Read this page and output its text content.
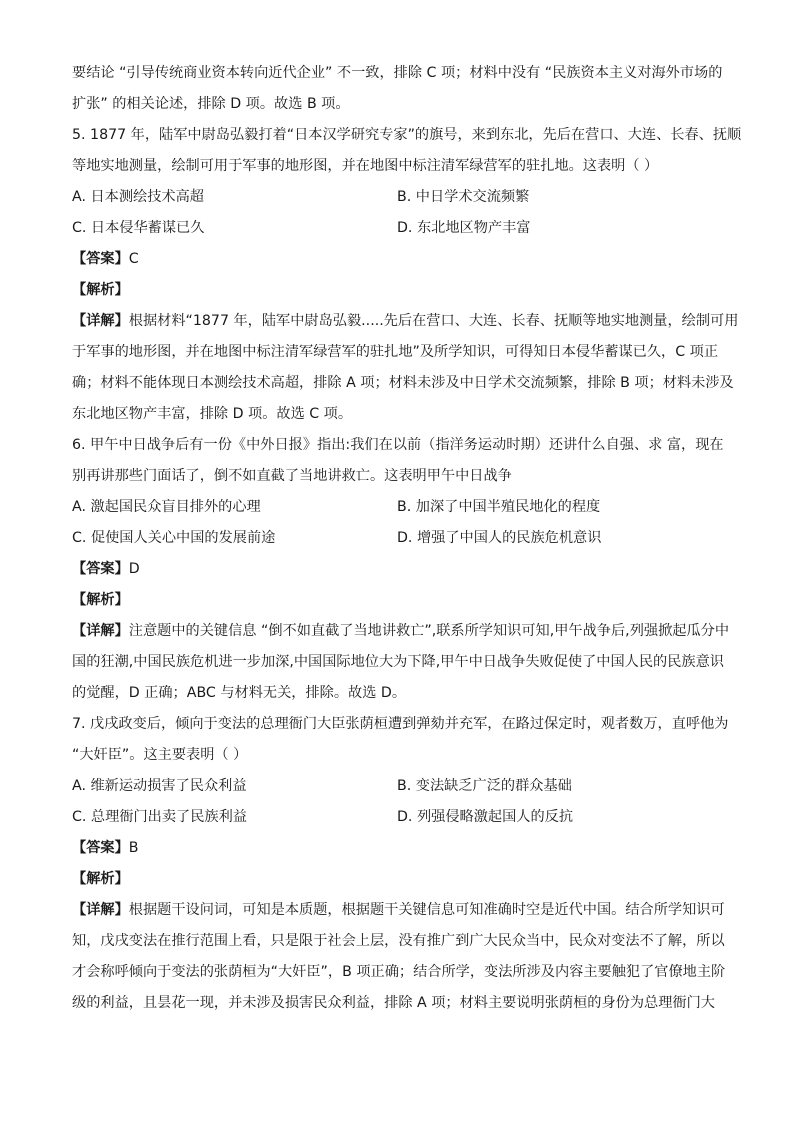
要结论 “引导传统商业资本转向近代企业” 不一致，排除 C 项；材料中没有 “民族资本主义对海外市场的
扩张” 的相关论述，排除 D 项。故选 B 项。
5. 1877 年，陆军中尉岛弘毅打着“日本汉学研究专家”的旗号，来到东北，先后在营口、大连、长春、抚顺
等地实地测量，绘制可用于军事的地形图，并在地图中标注清军绿营军的驻扎地。这表明（ ）
A. 日本测绘技术高超	B. 中日学术交流频繁
C. 日本侵华蓄谋已久	D. 东北地区物产丰富
【答案】C
【解析】
【详解】根据材料“1877 年，陆军中尉岛弘毅.....先后在营口、大连、长春、抚顺等地实地测量，绘制可用
于军事的地形图，并在地图中标注清军绿营军的驻扎地”及所学知识，可得知日本侵华蓄谋已久，C 项正
确；材料不能体现日本测绘技术高超，排除 A 项；材料未涉及中日学术交流频繁，排除 B 项；材料未涉及
东北地区物产丰富，排除 D 项。故选 C 项。
6. 甲午中日战争后有一份《中外日报》指出:我们在以前（指洋务运动时期）还讲什么自强、求 富，现在
别再讲那些门面话了，倒不如直截了当地讲救亡。这表明甲午中日战争
A. 激起国民众盲目排外的心理	B. 加深了中国半殖民地化的程度
C. 促使国人关心中国的发展前途	D. 增强了中国人的民族危机意识
【答案】D
【解析】
【详解】注意题中的关键信息 “倒不如直截了当地讲救亡”,联系所学知识可知,甲午战争后,列强掀起瓜分中
国的狂潮,中国民族危机进一步加深,中国国际地位大为下降,甲午中日战争失败促使了中国人民的民族意识
的觉醒，D 正确；ABC 与材料无关，排除。故选 D。
7. 戊戌政变后，倾向于变法的总理衙门大臣张荫桓遭到弹劾并充军，在路过保定时，观者数万，直呼他为
“大奸臣”。这主要表明（ ）
A. 维新运动损害了民众利益	B. 变法缺乏广泛的群众基础
C. 总理衙门出卖了民族利益	D. 列强侵略激起国人的反抗
【答案】B
【解析】
【详解】根据题干设问词，可知是本质题，根据题干关键信息可知准确时空是近代中国。结合所学知识可
知，戊戌变法在推行范围上看，只是限于社会上层，没有推广到广大民众当中，民众对变法不了解，所以
才会称呼倾向于变法的张荫桓为“大奸臣”，B 项正确；结合所学，变法所涉及内容主要触犯了官僚地主阶
级的利益，且昙花一现，并未涉及损害民众利益，排除 A 项；材料主要说明张荫桓的身份为总理衙门大
